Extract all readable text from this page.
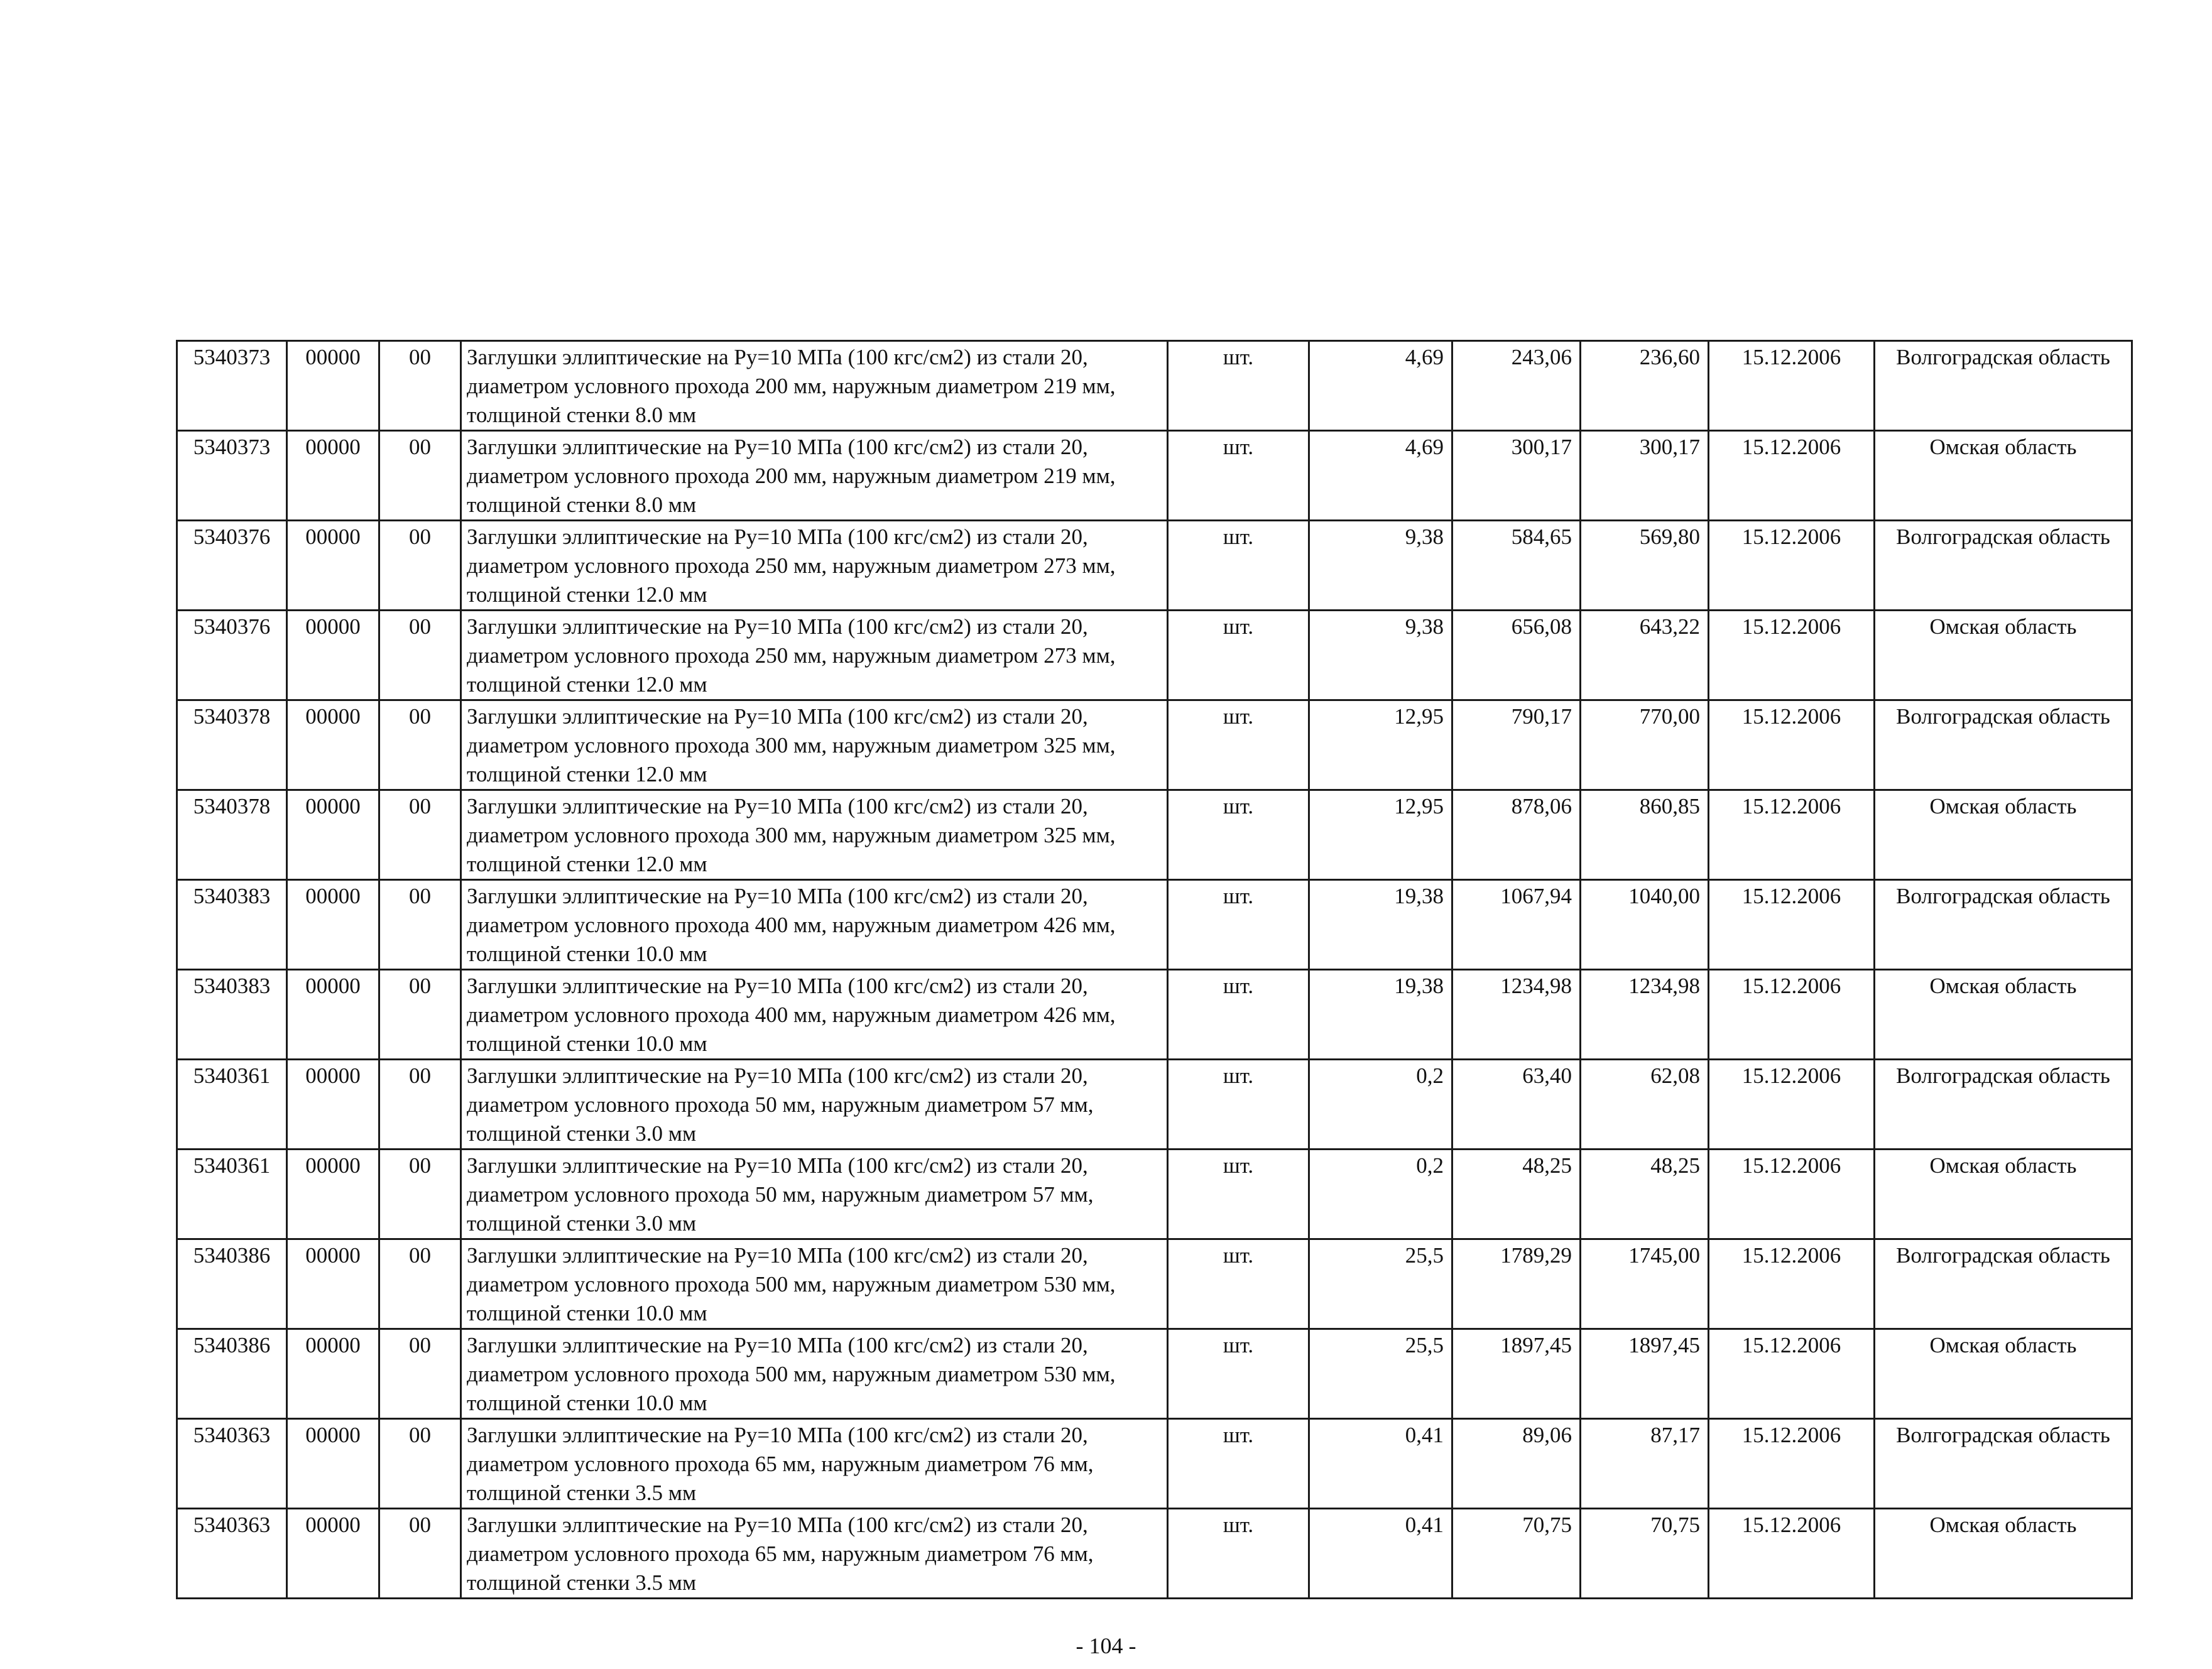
5340373	00000	00	Заглушки эллиптические на Ру=10 МПа (100 кгс/см2) из стали 20, диаметром условного прохода 200 мм, наружным диаметром 219 мм, толщиной стенки 8.0 мм	шт.	4,69	243,06	236,60	15.12.2006	Волгоградская область
5340373	00000	00	Заглушки эллиптические на Ру=10 МПа (100 кгс/см2) из стали 20, диаметром условного прохода 200 мм, наружным диаметром 219 мм, толщиной стенки 8.0 мм	шт.	4,69	300,17	300,17	15.12.2006	Омская область
5340376	00000	00	Заглушки эллиптические на Ру=10 МПа (100 кгс/см2) из стали 20, диаметром условного прохода 250 мм, наружным диаметром 273 мм, толщиной стенки 12.0 мм	шт.	9,38	584,65	569,80	15.12.2006	Волгоградская область
5340376	00000	00	Заглушки эллиптические на Ру=10 МПа (100 кгс/см2) из стали 20, диаметром условного прохода 250 мм, наружным диаметром 273 мм, толщиной стенки 12.0 мм	шт.	9,38	656,08	643,22	15.12.2006	Омская область
5340378	00000	00	Заглушки эллиптические на Ру=10 МПа (100 кгс/см2) из стали 20, диаметром условного прохода 300 мм, наружным диаметром 325 мм, толщиной стенки 12.0 мм	шт.	12,95	790,17	770,00	15.12.2006	Волгоградская область
5340378	00000	00	Заглушки эллиптические на Ру=10 МПа (100 кгс/см2) из стали 20, диаметром условного прохода 300 мм, наружным диаметром 325 мм, толщиной стенки 12.0 мм	шт.	12,95	878,06	860,85	15.12.2006	Омская область
5340383	00000	00	Заглушки эллиптические на Ру=10 МПа (100 кгс/см2) из стали 20, диаметром условного прохода 400 мм, наружным диаметром 426 мм, толщиной стенки 10.0 мм	шт.	19,38	1067,94	1040,00	15.12.2006	Волгоградская область
5340383	00000	00	Заглушки эллиптические на Ру=10 МПа (100 кгс/см2) из стали 20, диаметром условного прохода 400 мм, наружным диаметром 426 мм, толщиной стенки 10.0 мм	шт.	19,38	1234,98	1234,98	15.12.2006	Омская область
5340361	00000	00	Заглушки эллиптические на Ру=10 МПа (100 кгс/см2) из стали 20, диаметром условного прохода 50 мм, наружным диаметром 57 мм, толщиной стенки 3.0 мм	шт.	0,2	63,40	62,08	15.12.2006	Волгоградская область
5340361	00000	00	Заглушки эллиптические на Ру=10 МПа (100 кгс/см2) из стали 20, диаметром условного прохода 50 мм, наружным диаметром 57 мм, толщиной стенки 3.0 мм	шт.	0,2	48,25	48,25	15.12.2006	Омская область
5340386	00000	00	Заглушки эллиптические на Ру=10 МПа (100 кгс/см2) из стали 20, диаметром условного прохода 500 мм, наружным диаметром 530 мм, толщиной стенки 10.0 мм	шт.	25,5	1789,29	1745,00	15.12.2006	Волгоградская область
5340386	00000	00	Заглушки эллиптические на Ру=10 МПа (100 кгс/см2) из стали 20, диаметром условного прохода 500 мм, наружным диаметром 530 мм, толщиной стенки 10.0 мм	шт.	25,5	1897,45	1897,45	15.12.2006	Омская область
5340363	00000	00	Заглушки эллиптические на Ру=10 МПа (100 кгс/см2) из стали 20, диаметром условного прохода 65 мм, наружным диаметром 76 мм, толщиной стенки 3.5 мм	шт.	0,41	89,06	87,17	15.12.2006	Волгоградская область
5340363	00000	00	Заглушки эллиптические на Ру=10 МПа (100 кгс/см2) из стали 20, диаметром условного прохода 65 мм, наружным диаметром 76 мм, толщиной стенки 3.5 мм	шт.	0,41	70,75	70,75	15.12.2006	Омская область
- 104 -
